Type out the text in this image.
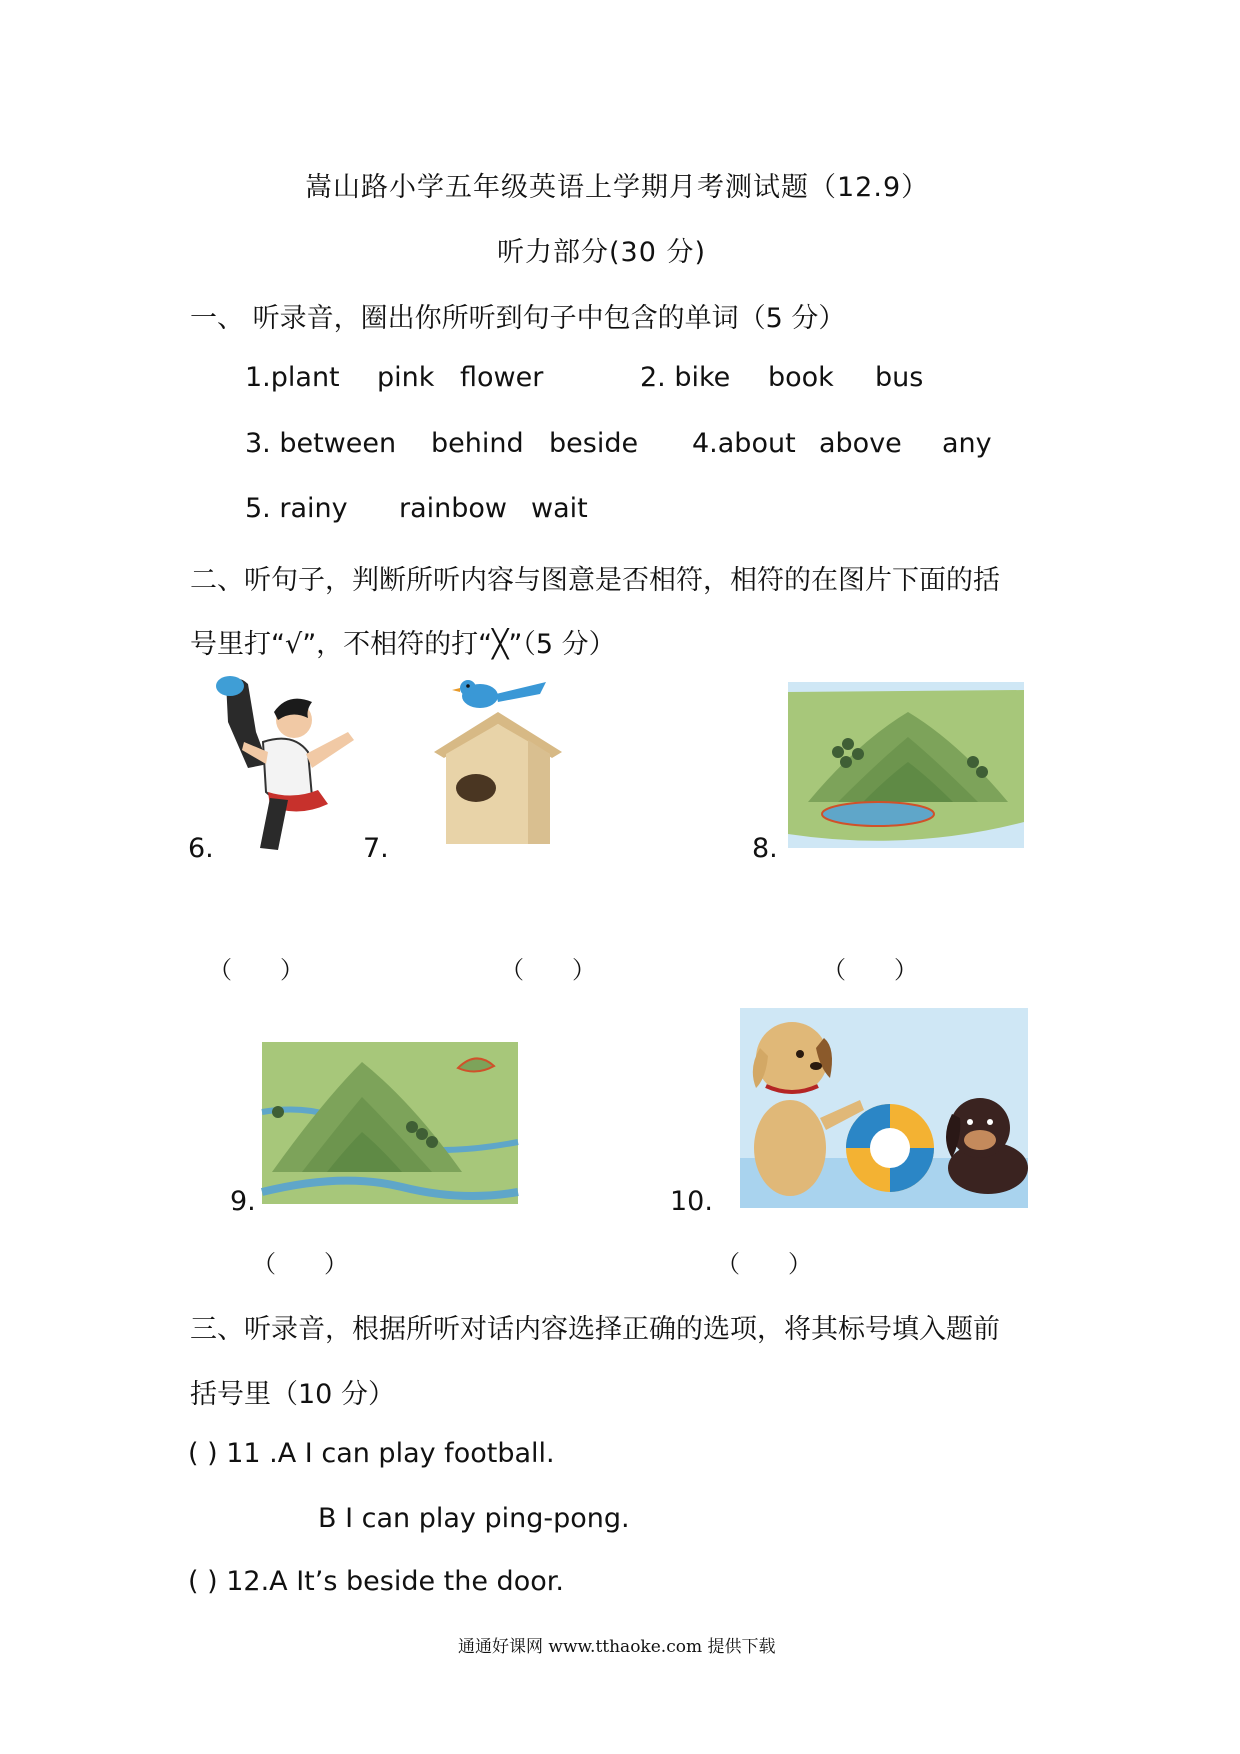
嵩山路小学五年级英语上学期月考测试题（12.9）
听力部分(30 分)
一、 听录音，圈出你所听到句子中包含的单词（5 分）
1.plant pink flower	2. bike book bus
3. between behind beside 4.about above any
5. rainy rainbow wait
二、听句子，判断所听内容与图意是否相符，相符的在图片下面的括
号里打“√”，不相符的打“╳”（5 分）
6.	7.	8.
（　　）	（　　）	（　　）
9.	10.
（　　）	（　　）
三、听录音，根据所听对话内容选择正确的选项，将其标号填入题前
括号里（10 分）
( ) 11 .A I can play football.
B I can play ping-pong.
( ) 12.A It’s beside the door.
通通好课网 www.tthaoke.com 提供下载
